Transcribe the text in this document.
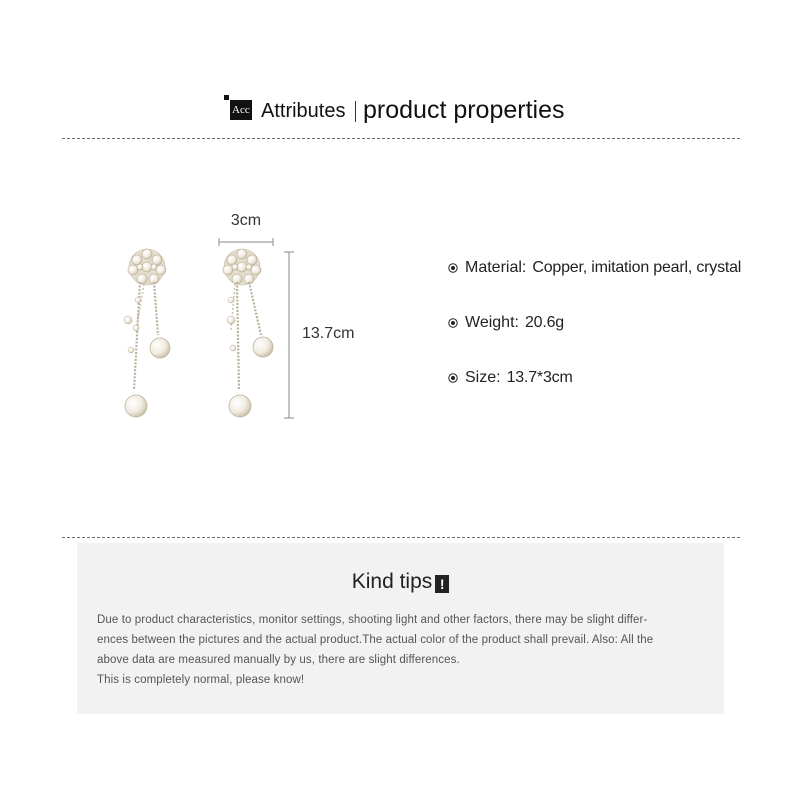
Acc Attributes product properties
3cm
13.7cm
Material: Copper, imitation pearl, crystal
Weight: 20.6g
Size: 13.7*3cm
Kind tips !
Due to product characteristics, monitor settings, shooting light and other factors, there may be slight differ-
ences between the pictures and the actual product.The actual color of the product shall prevail. Also: All the
above data are measured manually by us, there are slight differences.
This is completely normal, please know!
